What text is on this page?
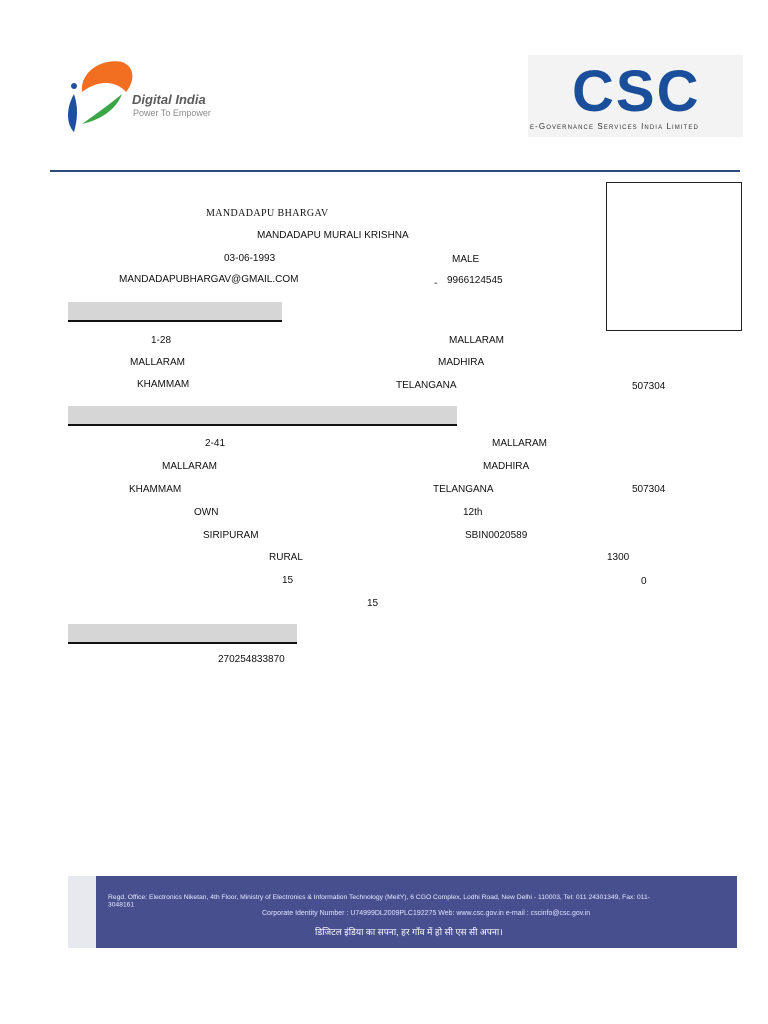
Digital India
Power To Empower	CSC
e-Governance Services India Limited
MANDADAPU BHARGAV
MANDADAPU MURALI KRISHNA
03-06-1993	MALE
MANDADAPUBHARGAV@GMAIL.COM	- 9966124545
1-28	MALLARAM
MALLARAM	MADHIRA
KHAMMAM	TELANGANA	507304
2-41	MALLARAM
MALLARAM	MADHIRA
KHAMMAM	TELANGANA	507304
OWN	12th
SIRIPURAM	SBIN0020589
RURAL	1300
15	0
15
270254833870
Regd. Office: Electronics Niketan, 4th Floor, Ministry of Electronics & Information Technology (MeitY), 6 CGO Complex, Lodhi Road, New Delhi - 110003, Tel: 011 24301349, Fax: 011-3048161
Corporate Identity Number : U74999DL2009PLC192275 Web: www.csc.gov.in e-mail : cscinfo@csc.gov.in
डिजिटल इंडिया का सपना, हर गाँव में हो सी एस सी अपना।
